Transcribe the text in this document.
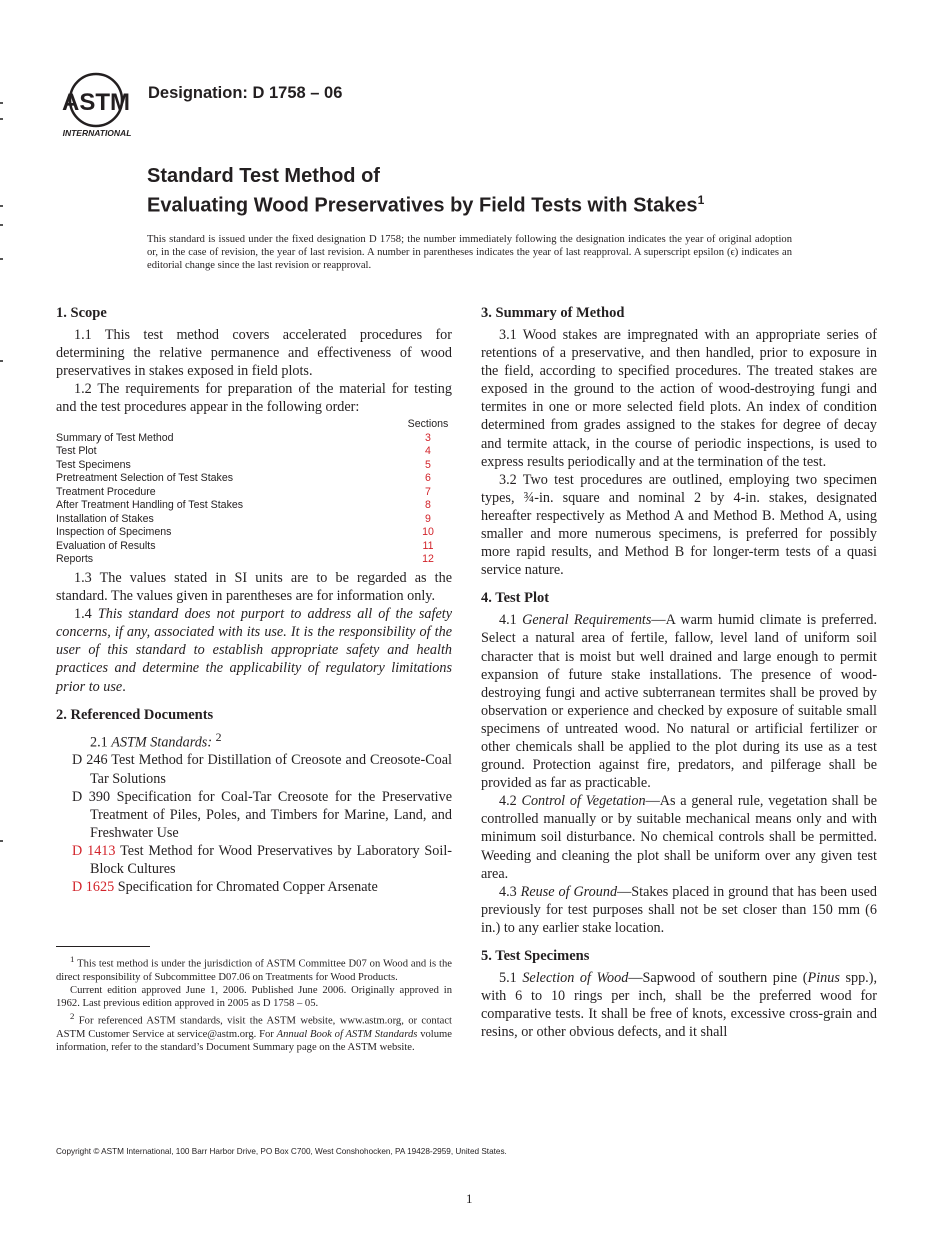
ASTM
INTERNATIONAL
Designation: D 1758 – 06
Standard Test Method of
Evaluating Wood Preservatives by Field Tests with Stakes$^1$
This standard is issued under the fixed designation D 1758; the number immediately following the designation indicates the year of original adoption or, in the case of revision, the year of last revision. A number in parentheses indicates the year of last reapproval. A superscript epsilon (ϵ) indicates an editorial change since the last revision or reapproval.
1. Scope

1.1 This test method covers accelerated procedures for determining the relative permanence and effectiveness of wood preservatives in stakes exposed in field plots.

1.2 The requirements for preparation of the material for testing and the test procedures appear in the following order:

Sections
Summary of Test Method	3
Test Plot	4
Test Specimens	5
Pretreatment Selection of Test Stakes	6
Treatment Procedure	7
After Treatment Handling of Test Stakes	8
Installation of Stakes	9
Inspection of Specimens	10
Evaluation of Results	11
Reports	12

1.3 The values stated in SI units are to be regarded as the standard. The values given in parentheses are for information only.

1.4 This standard does not purport to address all of the safety concerns, if any, associated with its use. It is the responsibility of the user of this standard to establish appropriate safety and health practices and determine the applicability of regulatory limitations prior to use.

2. Referenced Documents

2.1 ASTM Standards: $^2$

D 246 Test Method for Distillation of Creosote and Creosote-Coal Tar Solutions

D 390 Specification for Coal-Tar Creosote for the Preservative Treatment of Piles, Poles, and Timbers for Marine, Land, and Freshwater Use

D 1413 Test Method for Wood Preservatives by Laboratory Soil-Block Cultures

D 1625 Specification for Chromated Copper Arsenate

$^1$ This test method is under the jurisdiction of ASTM Committee D07 on Wood and is the direct responsibility of Subcommittee D07.06 on Treatments for Wood Products.

Current edition approved June 1, 2006. Published June 2006. Originally approved in 1962. Last previous edition approved in 2005 as D 1758 – 05.

$^2$ For referenced ASTM standards, visit the ASTM website, www.astm.org, or contact ASTM Customer Service at service@astm.org. For Annual Book of ASTM Standards volume information, refer to the standard’s Document Summary page on the ASTM website.

3. Summary of Method

3.1 Wood stakes are impregnated with an appropriate series of retentions of a preservative, and then handled, prior to exposure in the field, according to specified procedures. The treated stakes are exposed in the ground to the action of wood-destroying fungi and termites in one or more selected field plots. An index of condition determined from grades assigned to the stakes for degree of decay and termite attack, in the course of periodic inspections, is used to express results periodically and at the termination of the test.

3.2 Two test procedures are outlined, employing two specimen types, ¾-in. square and nominal 2 by 4-in. stakes, designated hereafter respectively as Method A and Method B. Method A, using smaller and more numerous specimens, is preferred for possibly more rapid results, and Method B for longer-term tests of a quasi service nature.

4. Test Plot

4.1 General Requirements—A warm humid climate is preferred. Select a natural area of fertile, fallow, level land of uniform soil character that is moist but well drained and large enough to permit expansion of future stake installations. The presence of wood-destroying fungi and active subterranean termites shall be proved by observation or experience and checked by exposure of suitable small specimens of untreated wood. No natural or artificial fertilizer or other chemicals shall be applied to the plot during its use as a test ground. Protection against fire, predators, and pilferage shall be provided as far as practicable.

4.2 Control of Vegetation—As a general rule, vegetation shall be controlled manually or by suitable mechanical means only and with minimum soil disturbance. No chemical controls shall be permitted. Weeding and cleaning the plot shall be uniform over any given test area.

4.3 Reuse of Ground—Stakes placed in ground that has been used previously for test purposes shall not be set closer than 150 mm (6 in.) to any earlier stake location.

5. Test Specimens

5.1 Selection of Wood—Sapwood of southern pine (Pinus spp.), with 6 to 10 rings per inch, shall be the preferred wood for comparative tests. It shall be free of knots, excessive cross-grain and resins, or other obvious defects, and it shall

Copyright © ASTM International, 100 Barr Harbor Drive, PO Box C700, West Conshohocken, PA 19428-2959, United States.
1
